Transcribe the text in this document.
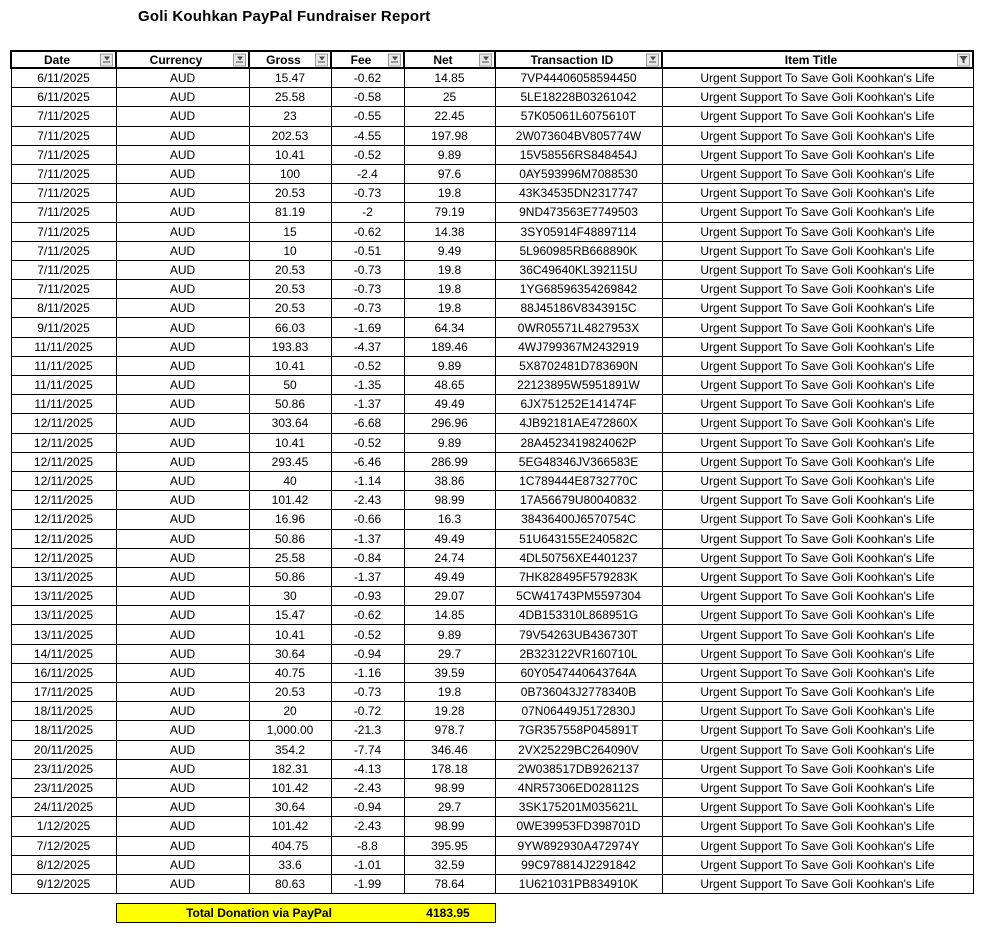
Goli Kouhkan PayPal Fundraiser Report
Date	Currency	Gross	Fee	Net	Transaction ID	Item Title

6/11/2025	AUD	15.47	-0.62	14.85	7VP44406058594450	Urgent Support To Save Goli Koohkan's Life
6/11/2025	AUD	25.58	-0.58	25	5LE18228B03261042	Urgent Support To Save Goli Koohkan's Life
7/11/2025	AUD	23	-0.55	22.45	57K05061L6075610T	Urgent Support To Save Goli Koohkan's Life
7/11/2025	AUD	202.53	-4.55	197.98	2W073604BV805774W	Urgent Support To Save Goli Koohkan's Life
7/11/2025	AUD	10.41	-0.52	9.89	15V58556RS848454J	Urgent Support To Save Goli Koohkan's Life
7/11/2025	AUD	100	-2.4	97.6	0AY593996M7088530	Urgent Support To Save Goli Koohkan's Life
7/11/2025	AUD	20.53	-0.73	19.8	43K34535DN2317747	Urgent Support To Save Goli Koohkan's Life
7/11/2025	AUD	81.19	-2	79.19	9ND473563E7749503	Urgent Support To Save Goli Koohkan's Life
7/11/2025	AUD	15	-0.62	14.38	3SY05914F48897114	Urgent Support To Save Goli Koohkan's Life
7/11/2025	AUD	10	-0.51	9.49	5L960985RB668890K	Urgent Support To Save Goli Koohkan's Life
7/11/2025	AUD	20.53	-0.73	19.8	36C49640KL392115U	Urgent Support To Save Goli Koohkan's Life
7/11/2025	AUD	20.53	-0.73	19.8	1YG68596354269842	Urgent Support To Save Goli Koohkan's Life
8/11/2025	AUD	20.53	-0.73	19.8	88J45186V8343915C	Urgent Support To Save Goli Koohkan's Life
9/11/2025	AUD	66.03	-1.69	64.34	0WR05571L4827953X	Urgent Support To Save Goli Koohkan's Life
11/11/2025	AUD	193.83	-4.37	189.46	4WJ799367M2432919	Urgent Support To Save Goli Koohkan's Life
11/11/2025	AUD	10.41	-0.52	9.89	5X8702481D783690N	Urgent Support To Save Goli Koohkan's Life
11/11/2025	AUD	50	-1.35	48.65	22123895W5951891W	Urgent Support To Save Goli Koohkan's Life
11/11/2025	AUD	50.86	-1.37	49.49	6JX751252E141474F	Urgent Support To Save Goli Koohkan's Life
12/11/2025	AUD	303.64	-6.68	296.96	4JB92181AE472860X	Urgent Support To Save Goli Koohkan's Life
12/11/2025	AUD	10.41	-0.52	9.89	28A4523419824062P	Urgent Support To Save Goli Koohkan's Life
12/11/2025	AUD	293.45	-6.46	286.99	5EG48346JV366583E	Urgent Support To Save Goli Koohkan's Life
12/11/2025	AUD	40	-1.14	38.86	1C789444E8732770C	Urgent Support To Save Goli Koohkan's Life
12/11/2025	AUD	101.42	-2.43	98.99	17A56679U80040832	Urgent Support To Save Goli Koohkan's Life
12/11/2025	AUD	16.96	-0.66	16.3	38436400J6570754C	Urgent Support To Save Goli Koohkan's Life
12/11/2025	AUD	50.86	-1.37	49.49	51U643155E240582C	Urgent Support To Save Goli Koohkan's Life
12/11/2025	AUD	25.58	-0.84	24.74	4DL50756XE4401237	Urgent Support To Save Goli Koohkan's Life
13/11/2025	AUD	50.86	-1.37	49.49	7HK828495F579283K	Urgent Support To Save Goli Koohkan's Life
13/11/2025	AUD	30	-0.93	29.07	5CW41743PM5597304	Urgent Support To Save Goli Koohkan's Life
13/11/2025	AUD	15.47	-0.62	14.85	4DB153310L868951G	Urgent Support To Save Goli Koohkan's Life
13/11/2025	AUD	10.41	-0.52	9.89	79V54263UB436730T	Urgent Support To Save Goli Koohkan's Life
14/11/2025	AUD	30.64	-0.94	29.7	2B323122VR160710L	Urgent Support To Save Goli Koohkan's Life
16/11/2025	AUD	40.75	-1.16	39.59	60Y0547440643764A	Urgent Support To Save Goli Koohkan's Life
17/11/2025	AUD	20.53	-0.73	19.8	0B736043J2778340B	Urgent Support To Save Goli Koohkan's Life
18/11/2025	AUD	20	-0.72	19.28	07N06449J5172830J	Urgent Support To Save Goli Koohkan's Life
18/11/2025	AUD	1,000.00	-21.3	978.7	7GR357558P045891T	Urgent Support To Save Goli Koohkan's Life
20/11/2025	AUD	354.2	-7.74	346.46	2VX25229BC264090V	Urgent Support To Save Goli Koohkan's Life
23/11/2025	AUD	182.31	-4.13	178.18	2W038517DB9262137	Urgent Support To Save Goli Koohkan's Life
23/11/2025	AUD	101.42	-2.43	98.99	4NR57306ED028112S	Urgent Support To Save Goli Koohkan's Life
24/11/2025	AUD	30.64	-0.94	29.7	3SK175201M035621L	Urgent Support To Save Goli Koohkan's Life
1/12/2025	AUD	101.42	-2.43	98.99	0WE39953FD398701D	Urgent Support To Save Goli Koohkan's Life
7/12/2025	AUD	404.75	-8.8	395.95	9YW892930A472974Y	Urgent Support To Save Goli Koohkan's Life
8/12/2025	AUD	33.6	-1.01	32.59	99C978814J2291842	Urgent Support To Save Goli Koohkan's Life
9/12/2025	AUD	80.63	-1.99	78.64	1U621031PB834910K	Urgent Support To Save Goli Koohkan's Life
Total Donation via PayPal	4183.95
